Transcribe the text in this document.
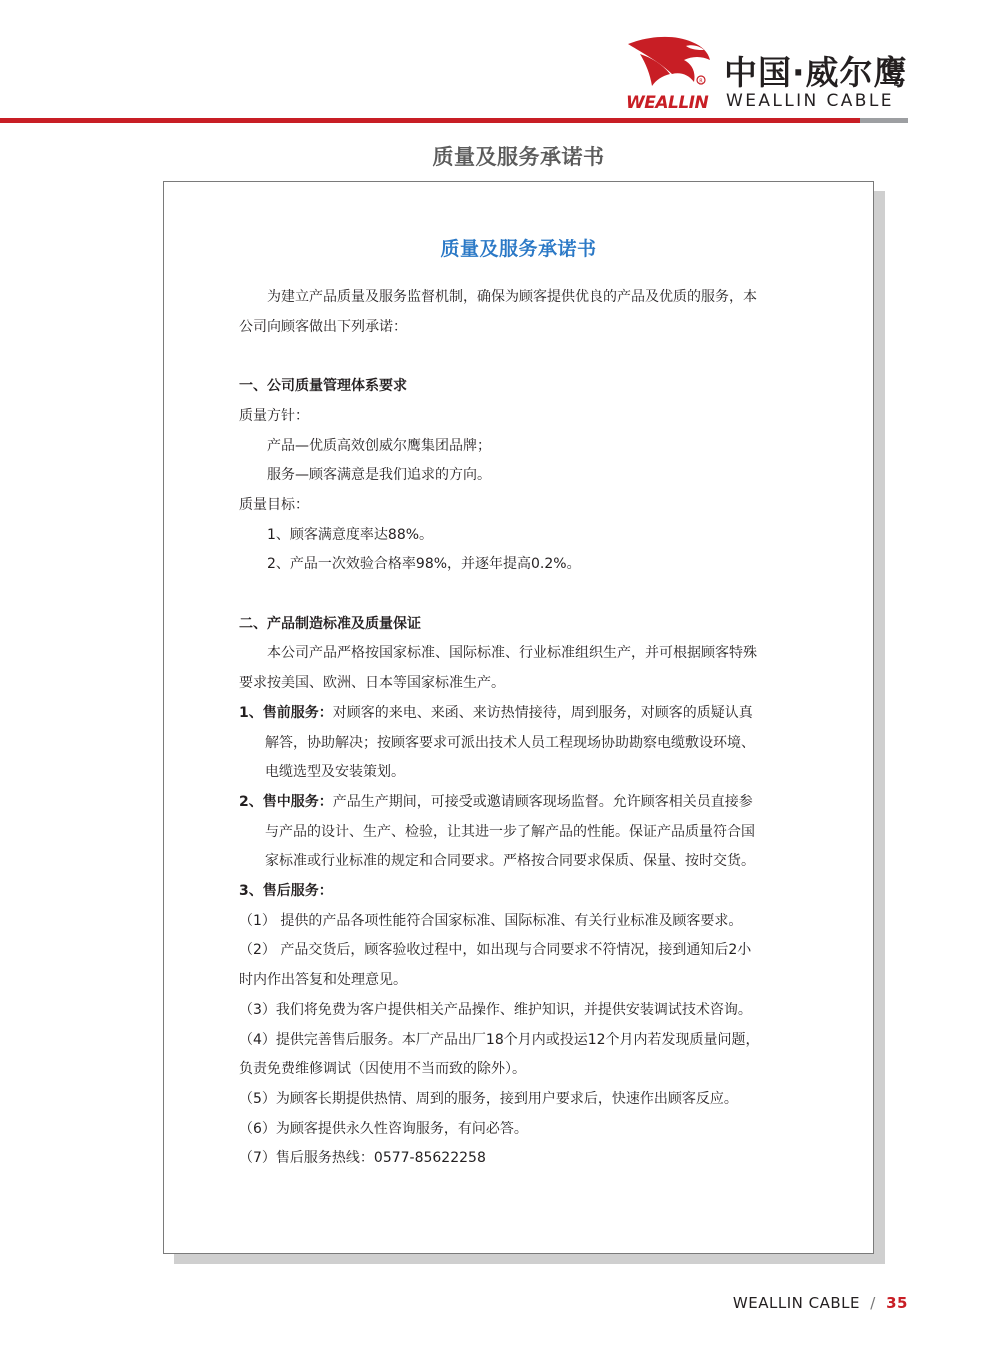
R
WEALLIN
中国·威尔鹰
WEALLIN CABLE
质量及服务承诺书
质量及服务承诺书

为建立产品质量及服务监督机制，确保为顾客提供优良的产品及优质的服务，本

公司向顾客做出下列承诺：

一、公司质量管理体系要求

质量方针：

产品—优质高效创威尔鹰集团品牌；

服务—顾客满意是我们追求的方向。

质量目标：

1、顾客满意度率达88%。

2、产品一次效验合格率98%，并逐年提高0.2%。

二、产品制造标准及质量保证

本公司产品严格按国家标准、国际标准、行业标准组织生产，并可根据顾客特殊

要求按美国、欧洲、日本等国家标准生产。

1、售前服务：对顾客的来电、来函、来访热情接待，周到服务，对顾客的质疑认真

解答，协助解决；按顾客要求可派出技术人员工程现场协助勘察电缆敷设环境、

电缆选型及安装策划。

2、售中服务：产品生产期间，可接受或邀请顾客现场监督。允许顾客相关员直接参

与产品的设计、生产、检验，让其进一步了解产品的性能。保证产品质量符合国

家标准或行业标准的规定和合同要求。严格按合同要求保质、保量、按时交货。

3、售后服务：

（1） 提供的产品各项性能符合国家标准、国际标准、有关行业标准及顾客要求。

（2） 产品交货后，顾客验收过程中，如出现与合同要求不符情况，接到通知后2小

时内作出答复和处理意见。

（3）我们将免费为客户提供相关产品操作、维护知识，并提供安装调试技术咨询。

（4）提供完善售后服务。本厂产品出厂18个月内或投运12个月内若发现质量问题，

负责免费维修调试（因使用不当而致的除外）。

（5）为顾客长期提供热情、周到的服务，接到用户要求后，快速作出顾客反应。

（6）为顾客提供永久性咨询服务，有问必答。

（7）售后服务热线：0577-85622258

WEALLIN CABLE / 35
